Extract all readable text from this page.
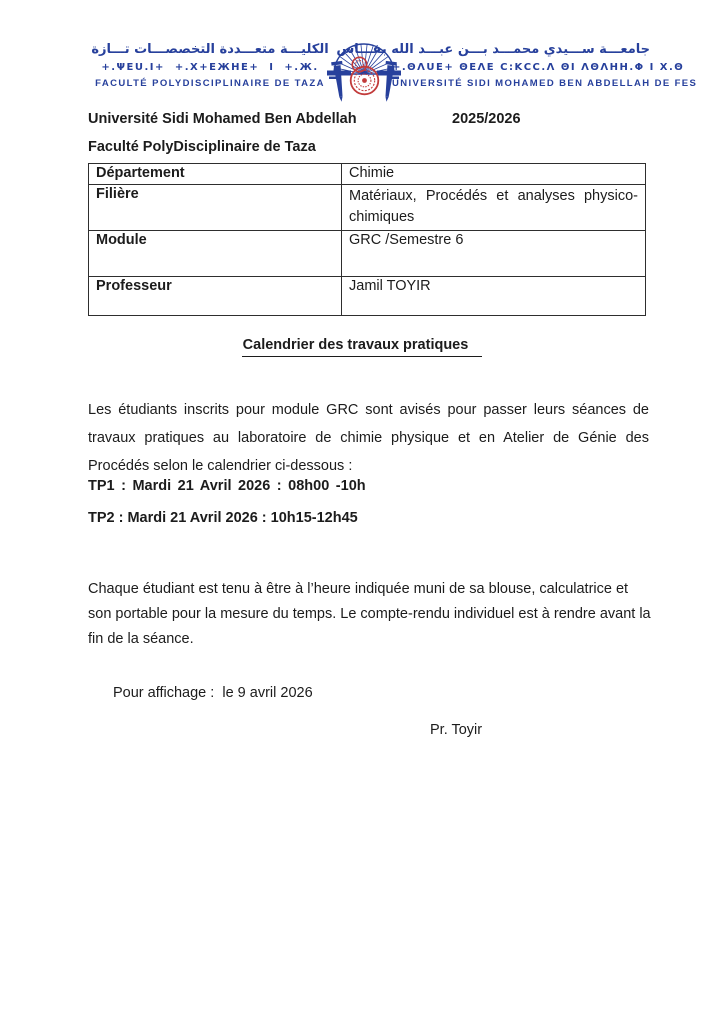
الكليـــة متعـــددة التخصصـــات تـــازة
+.ΨΕU.Ι+  +.X+ΕЖΗΕ+  Ι  +.Ж.
FACULTÉ POLYDISCIPLINAIRE DE TAZA
جامعـــة ســـيدي محمـــد بـــن عبـــد الله بفـــاس
+.ΘΛUΕ+ ΘΕΛΕ C:ΚCC.Λ ΘΙ ΛΘΛΗΗ.Φ Ι X.Θ
UNIVERSITÉ SIDI MOHAMED BEN ABDELLAH DE FES
Université Sidi Mohamed Ben Abdellah	2025/2026
Faculté PolyDisciplinaire de Taza
Département	Chimie
Filière	Matériaux, Procédés et analyses physico-chimiques
Module	GRC /Semestre 6
Professeur	Jamil TOYIR
Calendrier des travaux pratiques

Les étudiants inscrits pour module GRC sont avisés pour passer leurs séances de travaux pratiques au laboratoire de chimie physique et en Atelier de Génie des Procédés selon le calendrier ci-dessous :

TP1 : Mardi 21 Avril 2026 : 08h00 -10h
TP2 : Mardi 21 Avril 2026 : 10h15-12h45

Chaque étudiant est tenu à être à l’heure indiquée muni de sa blouse, calculatrice et son portable pour la mesure du temps. Le compte-rendu individuel est à rendre avant la fin de la séance.

Pour affichage :  le 9 avril 2026
Pr. Toyir
